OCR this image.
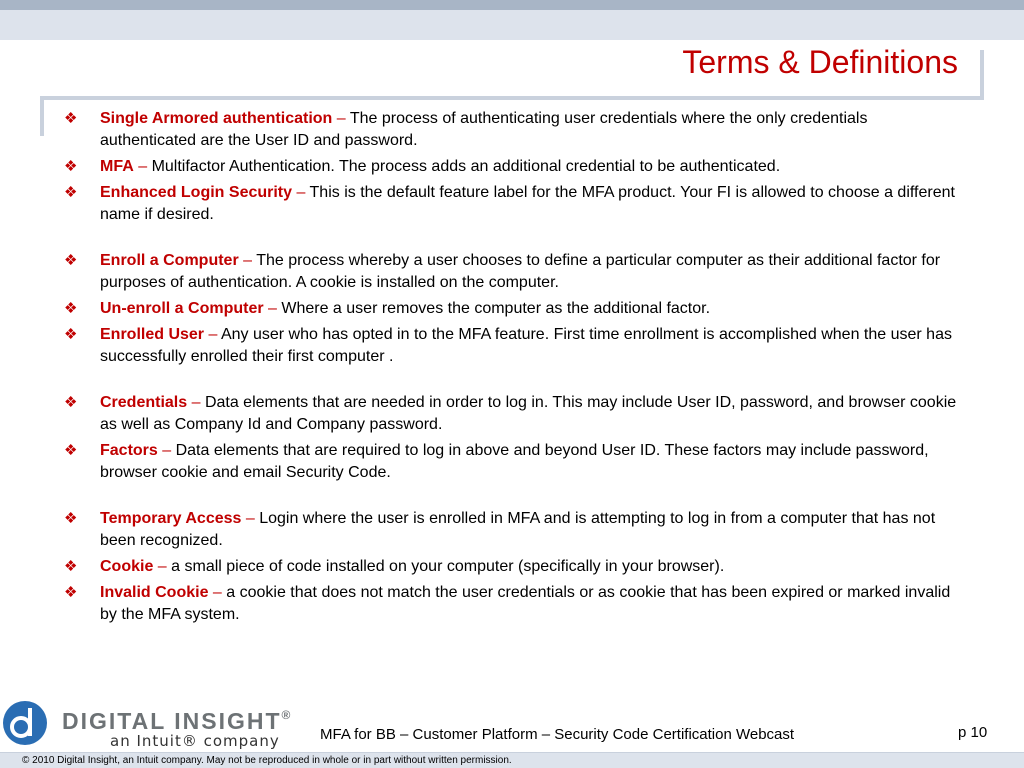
Terms & Definitions
❖	Single Armored authentication – The process of authenticating user credentials where the only credentials authenticated are the User ID and password.
❖	MFA – Multifactor Authentication. The process adds an additional credential to be authenticated.
❖	Enhanced Login Security – This is the default feature label for the MFA product. Your FI is allowed to choose a different name if desired.
❖	Enroll a Computer – The process whereby a user chooses to define a particular computer as their additional factor for purposes of authentication. A cookie is installed on the computer.
❖	Un-enroll a Computer – Where a user removes the computer as the additional factor.
❖	Enrolled User – Any user who has opted in to the MFA feature. First time enrollment is accomplished when the user has successfully enrolled their first computer .
❖	Credentials – Data elements that are needed in order to log in. This may include User ID, password, and browser cookie as well as Company Id and Company password.
❖	Factors – Data elements that are required to log in above and beyond User ID. These factors may include password, browser cookie and email Security Code.
❖	Temporary Access – Login where the user is enrolled in MFA and is attempting to log in from a computer that has not been recognized.
❖	Cookie – a small piece of code installed on your computer (specifically in your browser).
❖	Invalid Cookie – a cookie that does not match the user credentials or as cookie that has been expired or marked invalid by the MFA system.
DIGITAL INSIGHT®
an Intuit® company	MFA for BB – Customer Platform – Security Code Certification Webcast	p 10
© 2010 Digital Insight, an Intuit company. May not be reproduced in whole or in part without written permission.
